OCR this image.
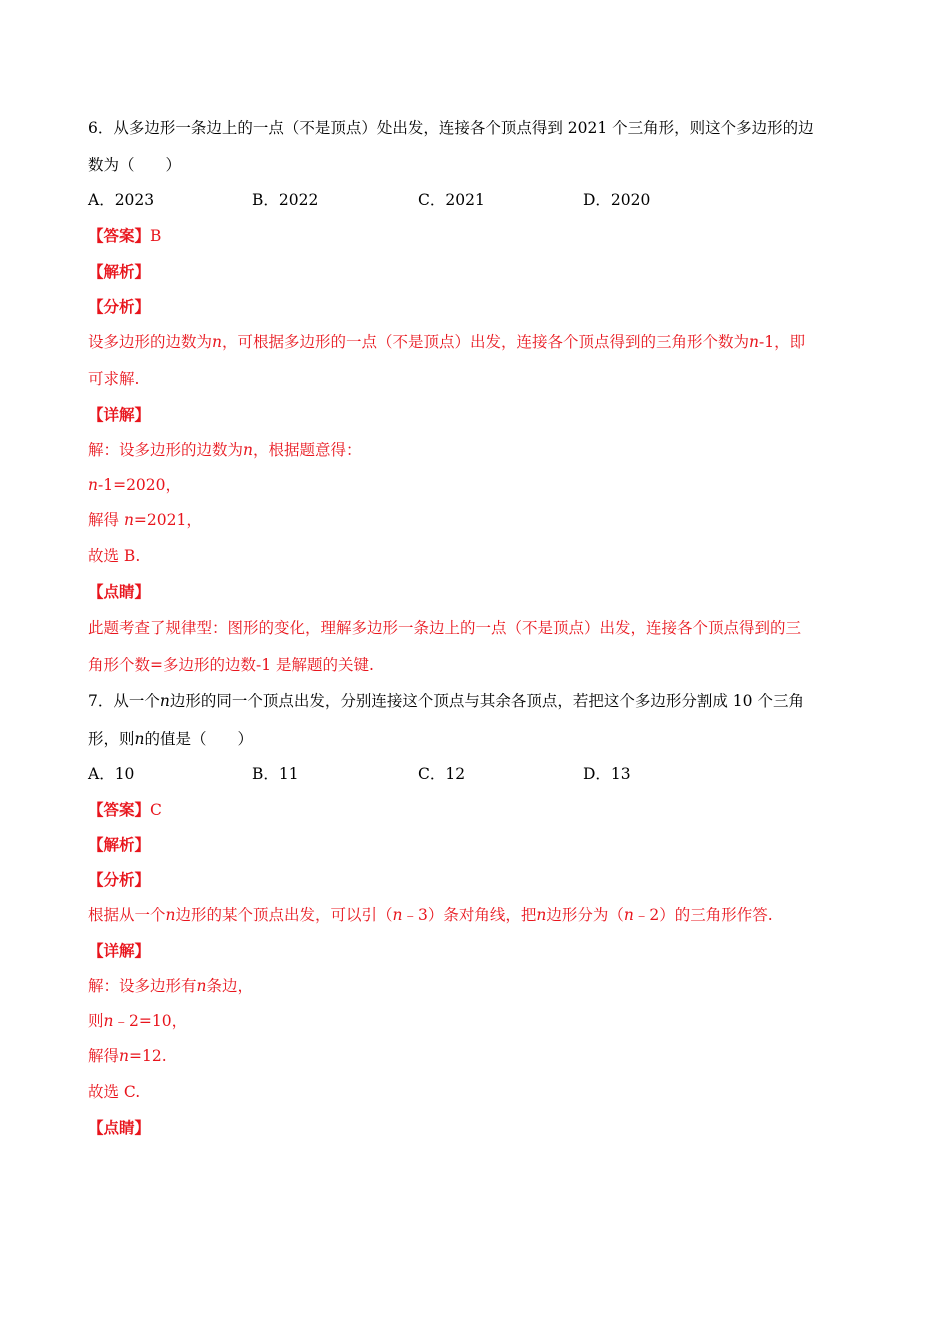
6．从多边形一条边上的一点（不是顶点）处出发，连接各个顶点得到 2021 个三角形，则这个多边形的边
数为（　　）
A．2023	B．2022	C．2021	D．2020
【答案】B
【解析】
【分析】
设多边形的边数为n，可根据多边形的一点（不是顶点）出发，连接各个顶点得到的三角形个数为n-1，即
可求解.
【详解】
解：设多边形的边数为n，根据题意得：
n-1=2020，
解得 n=2021，
故选 B.
【点睛】
此题考查了规律型：图形的变化，理解多边形一条边上的一点（不是顶点）出发，连接各个顶点得到的三
角形个数=多边形的边数-1 是解题的关键.
7．从一个n边形的同一个顶点出发，分别连接这个顶点与其余各顶点，若把这个多边形分割成 10 个三角
形，则n的值是（　　）
A．10	B．11	C．12	D．13
【答案】C
【解析】
【分析】
根据从一个n边形的某个顶点出发，可以引（n﹣3）条对角线，把n边形分为（n﹣2）的三角形作答.
【详解】
解：设多边形有n条边，
则n﹣2=10，
解得n=12.
故选 C.
【点睛】
